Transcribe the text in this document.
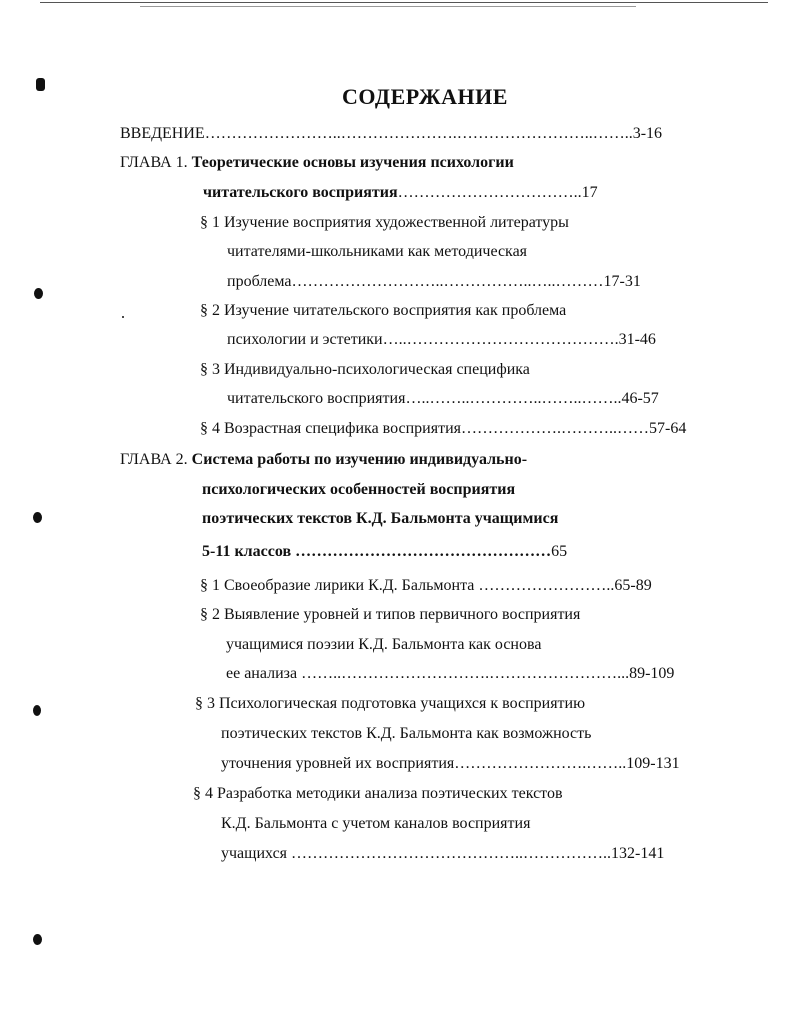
СОДЕРЖАНИЕ
ВВЕДЕНИЕ……………………..………………….……………………..……..3-16
ГЛАВА 1. Теоретические основы изучения психологии
читательского восприятия……………………………..17
§ 1 Изучение восприятия художественной литературы
читателями-школьниками как методическая
проблема………………………..……………..…..………17-31
§ 2 Изучение читательского восприятия как проблема
психологии и эстетики…..………………………………….31-46
§ 3 Индивидуально-психологическая специфика
читательского восприятия…..……..…………..……..……..46-57
§ 4 Возрастная специфика восприятия……………….………..……57-64
ГЛАВА 2. Система работы по изучению индивидуально-
психологических особенностей восприятия
поэтических текстов К.Д. Бальмонта учащимися
5-11 классов …………………………………………65
§ 1 Своеобразие лирики К.Д. Бальмонта ……………………..65-89
§ 2 Выявление уровней и типов первичного восприятия
учащимися поэзии К.Д. Бальмонта как основа
ее анализа ……..……………………….……………………...89-109
§ 3 Психологическая подготовка учащихся к восприятию
поэтических текстов К.Д. Бальмонта как возможность
уточнения уровней их восприятия…………………….……..109-131
§ 4 Разработка методики анализа поэтических текстов
К.Д. Бальмонта с учетом каналов восприятия
учащихся ……………………………………..……………..132-141
